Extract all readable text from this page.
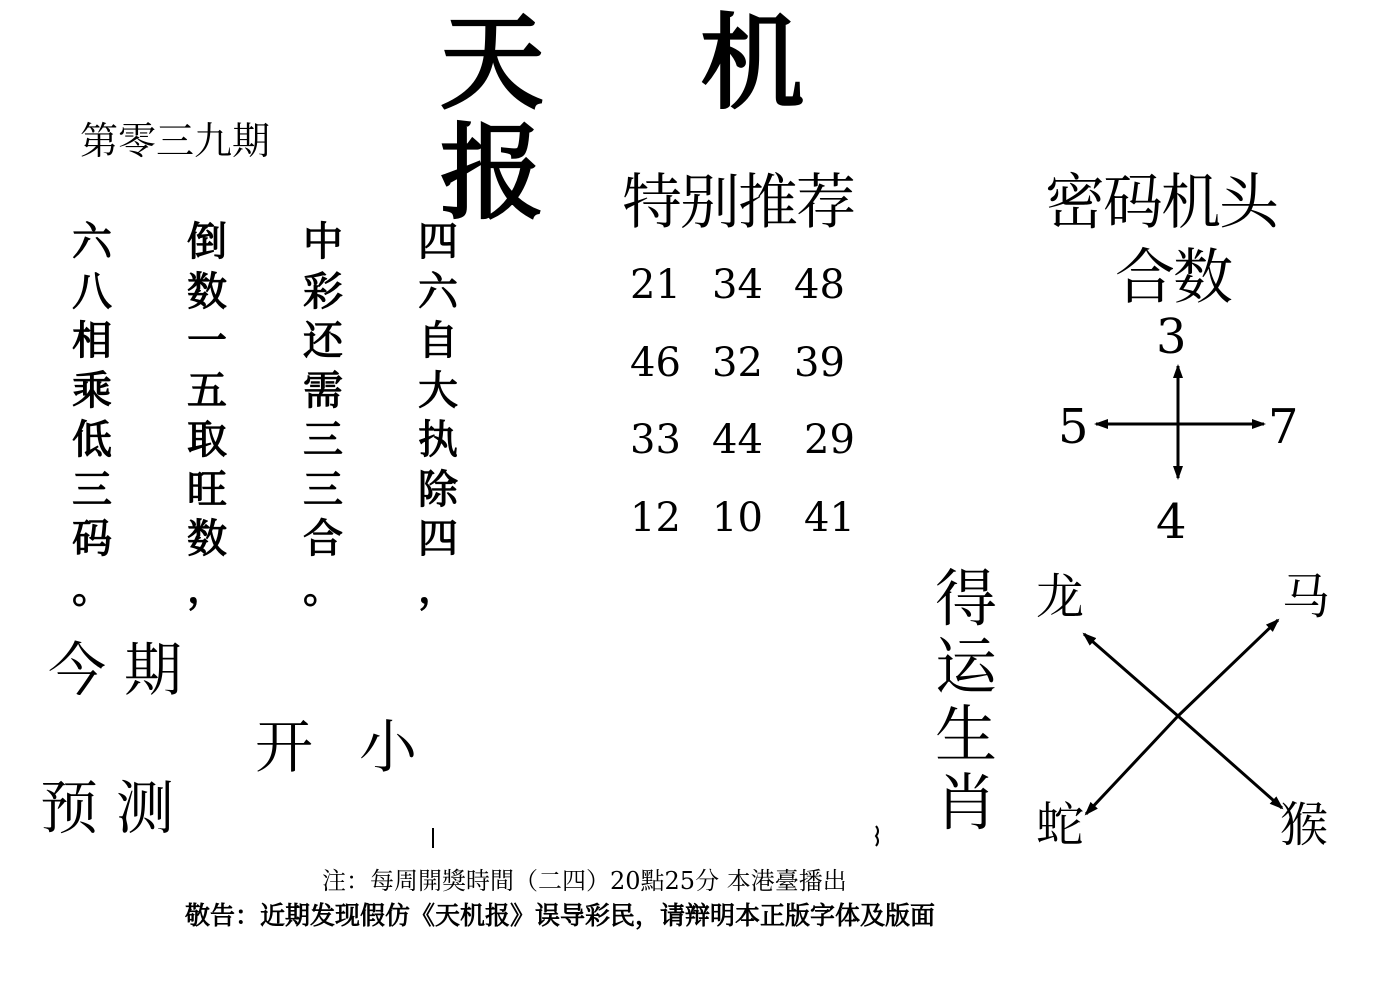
天 机 报
第零三九期
六
八
相
乘
低
三
码
。
倒
数
一
五
取
旺
数
，
中
彩
还
需
三
三
合
。
四
六
自
大
执
除
四
，
今期
预测
开小
特别推荐
21 34 48
46 32 39
33 44 29
12 10 41
密码机头
合数
3
5	7
4
得
运
生
肖
龙	马
蛇	猴
注：每周開獎時間（二四）20點25分 本港臺播出
敬告：近期发现假仿《天机报》误导彩民，请辩明本正版字体及版面
